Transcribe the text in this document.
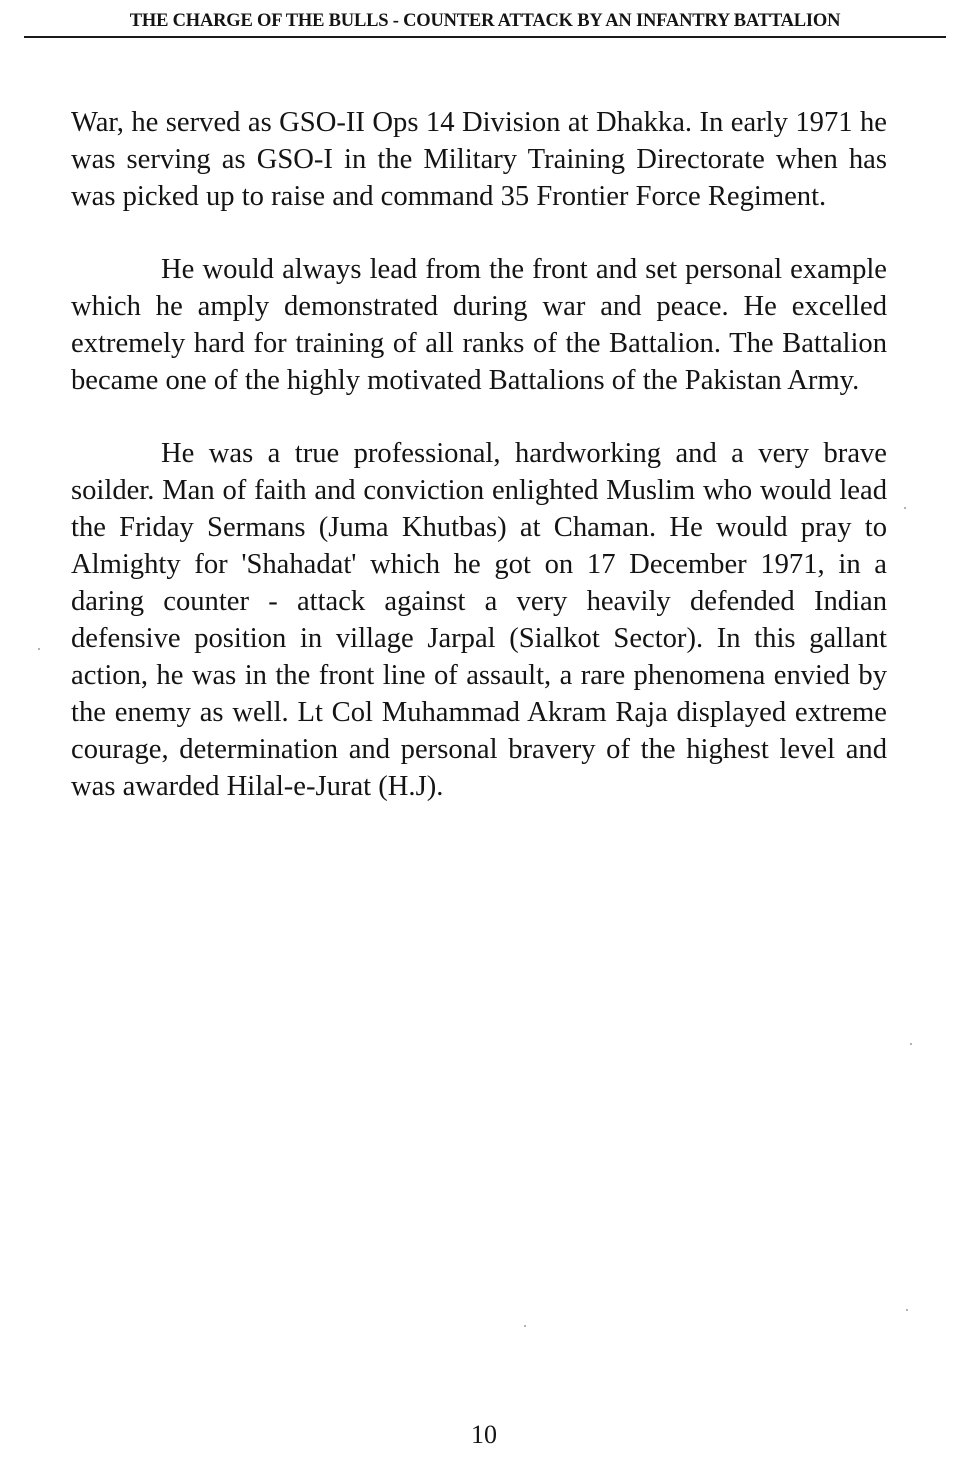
THE CHARGE OF THE BULLS - COUNTER ATTACK BY AN INFANTRY BATTALION

War, he served as GSO-II Ops 14 Division at Dhakka. In early 1971 he was serving as GSO-I in the Military Training Directorate when has was picked up to raise and command 35 Frontier Force Regiment.

He would always lead from the front and set personal example which he amply demonstrated during war and peace. He excelled extremely hard for training of all ranks of the Battalion. The Battalion became one of the highly motivated Battalions of the Pakistan Army.

He was a true professional, hardworking and a very brave soilder. Man of faith and conviction enlighted Muslim who would lead the Friday Sermans (Juma Khutbas) at Chaman. He would pray to Almighty for 'Shahadat' which he got on 17 December 1971, in a daring counter - attack against a very heavily defended Indian defensive position in village Jarpal (Sialkot Sector). In this gallant action, he was in the front line of assault, a rare phenomena envied by the enemy as well. Lt Col Muhammad Akram Raja displayed extreme courage, determination and personal bravery of the highest level and was awarded Hilal-e-Jurat (H.J).

10
